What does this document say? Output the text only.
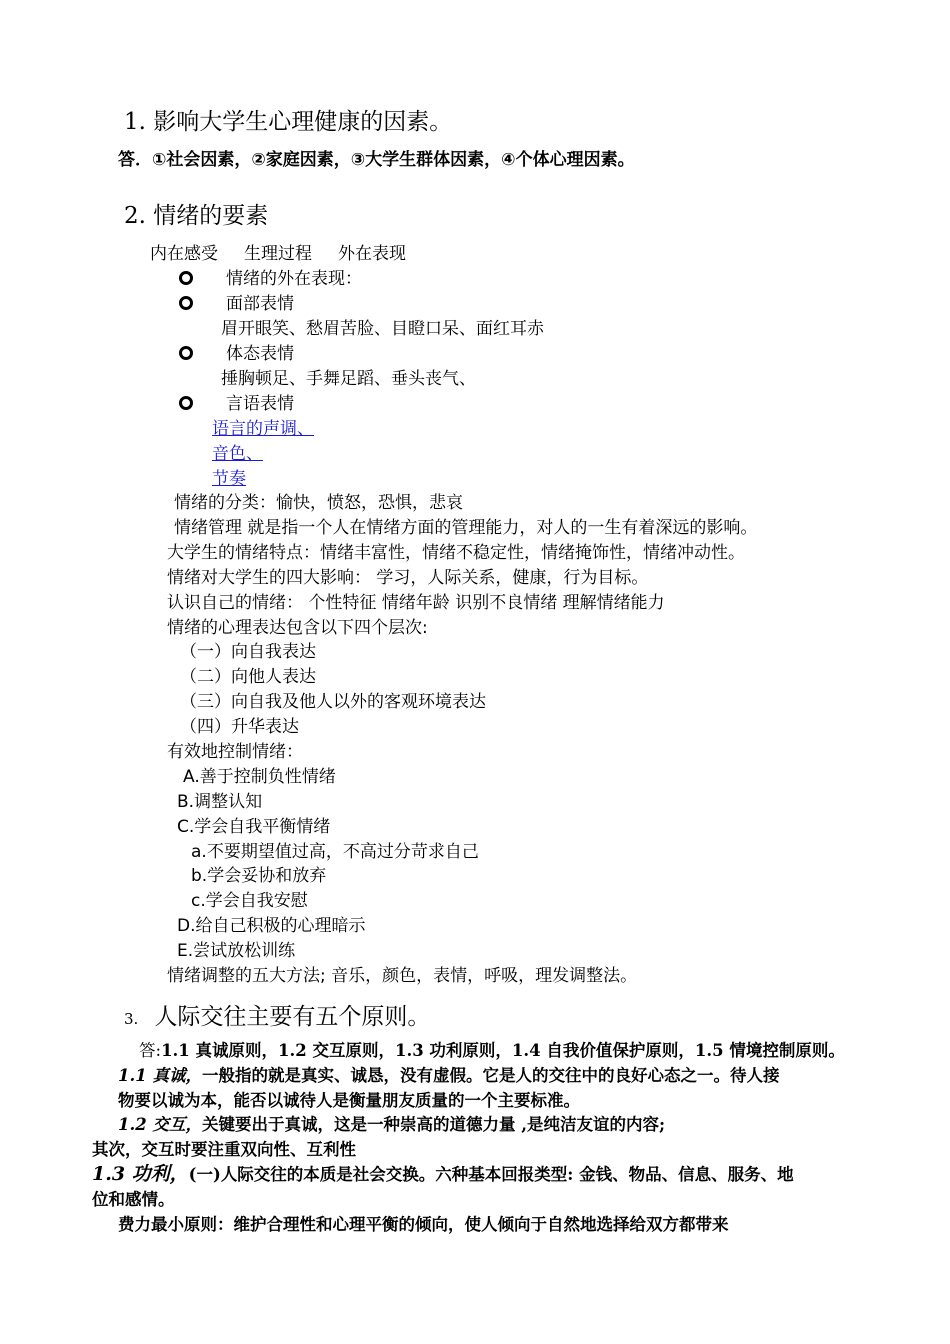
1. 影响大学生心理健康的因素。
答．①社会因素，②家庭因素，③大学生群体因素，④个体心理因素。
2. 情绪的要素
内在感受 生理过程 外在表现
情绪的外在表现：
面部表情
眉开眼笑、愁眉苦脸、目瞪口呆、面红耳赤
体态表情
捶胸顿足、手舞足蹈、垂头丧气、
言语表情
语言的声调、
音色、
节奏
情绪的分类：愉快，愤怒，恐惧，悲哀
情绪管理 就是指一个人在情绪方面的管理能力，对人的一生有着深远的影响。
大学生的情绪特点：情绪丰富性，情绪不稳定性，情绪掩饰性，情绪冲动性。
情绪对大学生的四大影响： 学习，人际关系，健康，行为目标。
认识自己的情绪： 个性特征 情绪年龄 识别不良情绪 理解情绪能力
情绪的心理表达包含以下四个层次:
（一）向自我表达
（二）向他人表达
（三）向自我及他人以外的客观环境表达
（四）升华表达
有效地控制情绪：
A.善于控制负性情绪
B.调整认知
C.学会自我平衡情绪
a.不要期望值过高，不高过分苛求自己
b.学会妥协和放弃
c.学会自我安慰
D.给自己积极的心理暗示
E.尝试放松训练
情绪调整的五大方法; 音乐，颜色，表情，呼吸，理发调整法。
3. 人际交往主要有五个原则。
答:1.1 真诚原则，1.2 交互原则，1.3 功利原则，1.4 自我价值保护原则，1.5 情境控制原则。
1.1 真诚，一般指的就是真实、诚恳，没有虚假。它是人的交往中的良好心态之一。待人接
物要以诚为本，能否以诚待人是衡量朋友质量的一个主要标准。
1.2 交互，关键要出于真诚，这是一种崇高的道德力量 ,是纯洁友谊的内容;
其次，交互时要注重双向性、互利性
1.3 功利，(一)人际交往的本质是社会交换。六种基本回报类型: 金钱、物品、信息、服务、地
位和感情。
费力最小原则：维护合理性和心理平衡的倾向，使人倾向于自然地选择给双方都带来
